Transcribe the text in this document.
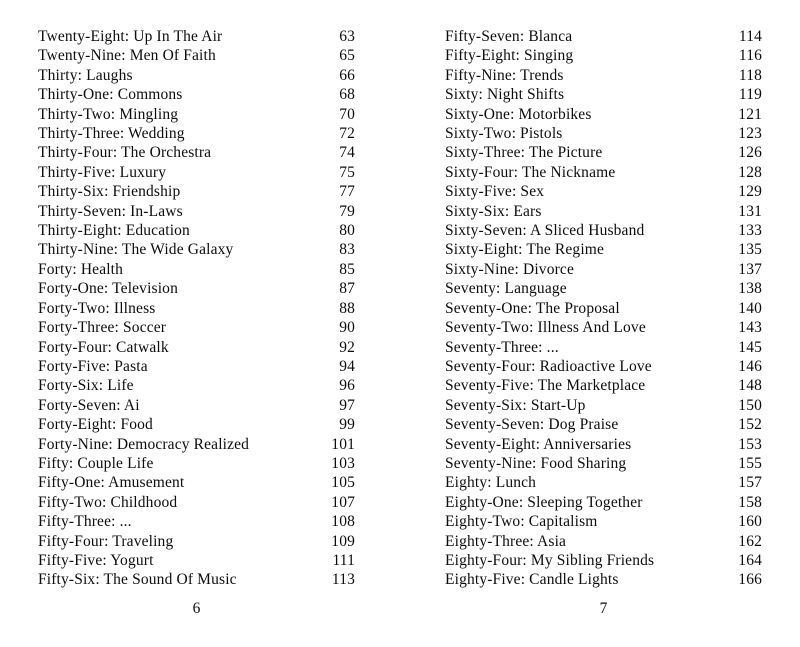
Twenty-Eight: Up In The Air	63
Twenty-Nine: Men Of Faith	65
Thirty: Laughs	66
Thirty-One: Commons	68
Thirty-Two: Mingling	70
Thirty-Three: Wedding	72
Thirty-Four: The Orchestra	74
Thirty-Five: Luxury	75
Thirty-Six: Friendship	77
Thirty-Seven: In-Laws	79
Thirty-Eight: Education	80
Thirty-Nine: The Wide Galaxy	83
Forty: Health	85
Forty-One: Television	87
Forty-Two: Illness	88
Forty-Three: Soccer	90
Forty-Four: Catwalk	92
Forty-Five: Pasta	94
Forty-Six: Life	96
Forty-Seven: Ai	97
Forty-Eight: Food	99
Forty-Nine: Democracy Realized	101
Fifty: Couple Life	103
Fifty-One: Amusement	105
Fifty-Two: Childhood	107
Fifty-Three: ...	108
Fifty-Four: Traveling	109
Fifty-Five: Yogurt	111
Fifty-Six: The Sound Of Music	113
6
Fifty-Seven: Blanca	114
Fifty-Eight: Singing	116
Fifty-Nine: Trends	118
Sixty: Night Shifts	119
Sixty-One: Motorbikes	121
Sixty-Two: Pistols	123
Sixty-Three: The Picture	126
Sixty-Four: The Nickname	128
Sixty-Five: Sex	129
Sixty-Six: Ears	131
Sixty-Seven: A Sliced Husband	133
Sixty-Eight: The Regime	135
Sixty-Nine: Divorce	137
Seventy: Language	138
Seventy-One: The Proposal	140
Seventy-Two: Illness And Love	143
Seventy-Three: ...	145
Seventy-Four: Radioactive Love	146
Seventy-Five: The Marketplace	148
Seventy-Six: Start-Up	150
Seventy-Seven: Dog Praise	152
Seventy-Eight: Anniversaries	153
Seventy-Nine: Food Sharing	155
Eighty: Lunch	157
Eighty-One: Sleeping Together	158
Eighty-Two: Capitalism	160
Eighty-Three: Asia	162
Eighty-Four: My Sibling Friends	164
Eighty-Five: Candle Lights	166
7
